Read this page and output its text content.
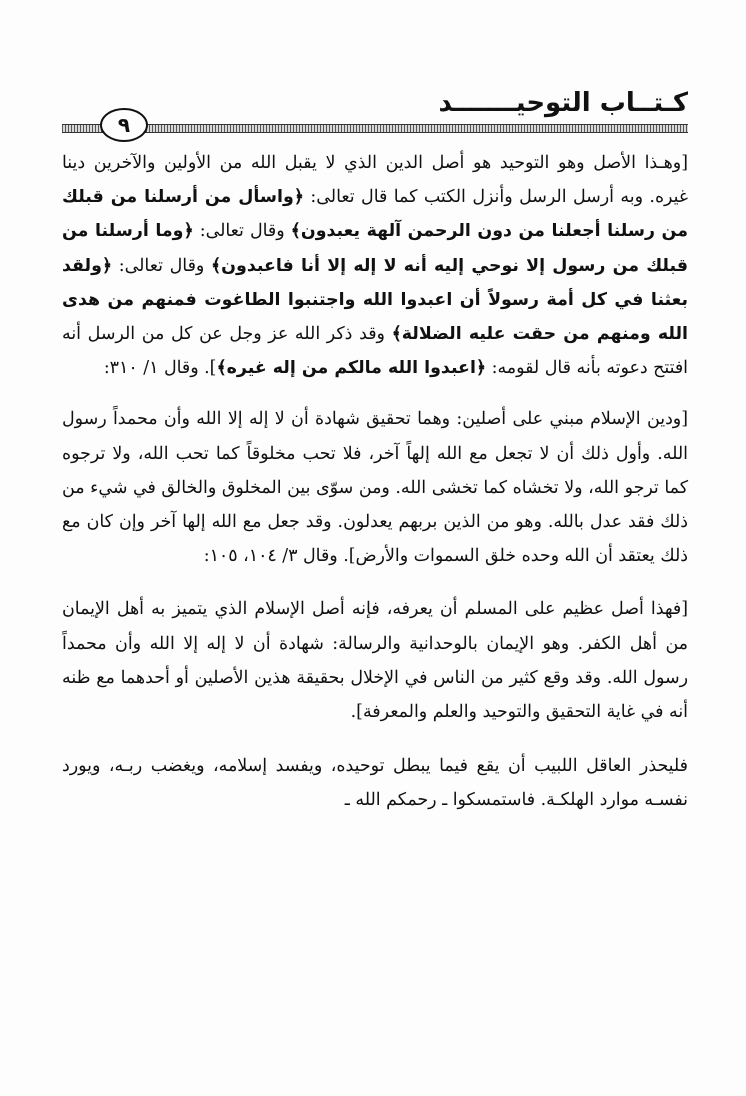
كـتــاب التوحيـــــــد
٩

[وهـذا الأصل وهو التوحيد هو أصل الدين الذي لا يقبل الله من الأولين والآخرين دينا غيره. وبه أرسل الرسل وأنزل الكتب كما قال تعالى: ﴿واسأل من أرسلنا من قبلك من رسلنا أجعلنا من دون الرحمن آلهة يعبدون﴾ وقال تعالى: ﴿وما أرسلنا من قبلك من رسول إلا نوحي إليه أنه لا إله إلا أنا فاعبدون﴾ وقال تعالى: ﴿ولقد بعثنا في كل أمة رسولاً أن اعبدوا الله واجتنبوا الطاغوت فمنهم من هدى الله ومنهم من حقت عليه الضلالة﴾ وقد ذكر الله عز وجل عن كل من الرسل أنه افتتح دعوته بأنه قال لقومه: ﴿اعبدوا الله مالكم من إله غيره﴾]. وقال ١/ ٣١٠:

[ودين الإسلام مبني على أصلين: وهما تحقيق شهادة أن لا إله إلا الله وأن محمداً رسول الله. وأول ذلك أن لا تجعل مع الله إلهاً آخر، فلا تحب مخلوقاً كما تحب الله، ولا ترجوه كما ترجو الله، ولا تخشاه كما تخشى الله. ومن سوّى بين المخلوق والخالق في شيء من ذلك فقد عدل بالله. وهو من الذين بربهم يعدلون. وقد جعل مع الله إلها آخر وإن كان مع ذلك يعتقد أن الله وحده خلق السموات والأرض]. وقال ٣/ ١٠٤، ١٠٥:

[فهذا أصل عظيم على المسلم أن يعرفه، فإنه أصل الإسلام الذي يتميز به أهل الإيمان من أهل الكفر. وهو الإيمان بالوحدانية والرسالة: شهادة أن لا إله إلا الله وأن محمداً رسول الله. وقد وقع كثير من الناس في الإخلال بحقيقة هذين الأصلين أو أحدهما مع ظنه أنه في غاية التحقيق والتوحيد والعلم والمعرفة].

فليحذر العاقل اللبيب أن يقع فيما يبطل توحيده، ويفسد إسلامه، ويغضب ربـه، ويورد نفسـه موارد الهلكـة. فاستمسكوا ـ رحمكم الله ـ
